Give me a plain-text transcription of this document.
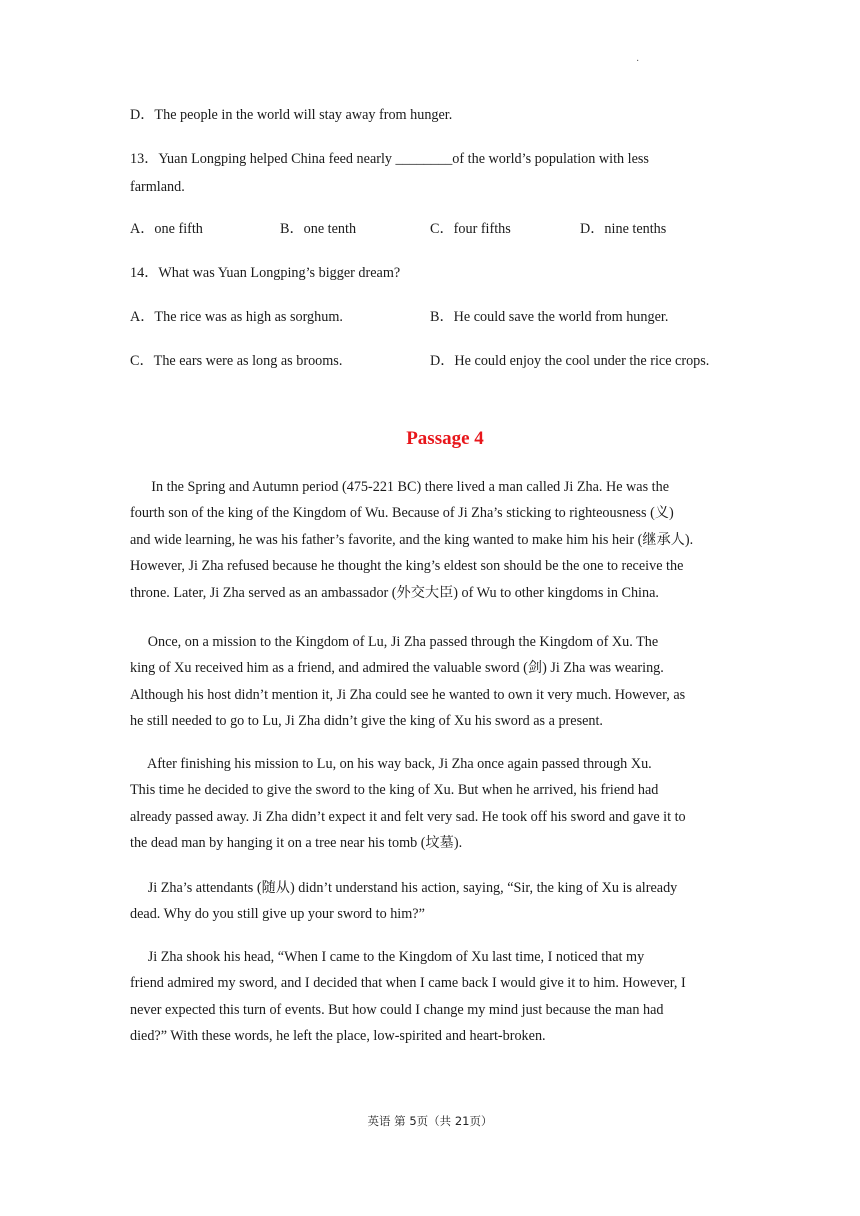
·
D．The people in the world will stay away from hunger.
13．Yuan Longping helped China feed nearly ________of the world’s population with less
farmland.
A．one fifth	B．one tenth	C．four fifths	D．nine tenths
14．What was Yuan Longping’s bigger dream?
A．The rice was as high as sorghum.	B．He could save the world from hunger.
C．The ears were as long as brooms.	D．He could enjoy the cool under the rice crops.
Passage 4

In the Spring and Autumn period (475-221 BC) there lived a man called Ji Zha. He was the

fourth son of the king of the Kingdom of Wu. Because of Ji Zha’s sticking to righteousness (义)

and wide learning, he was his father’s favorite, and the king wanted to make him his heir (继承人).

However, Ji Zha refused because he thought the king’s eldest son should be the one to receive the

throne. Later, Ji Zha served as an ambassador (外交大臣) of Wu to other kingdoms in China.

Once, on a mission to the Kingdom of Lu, Ji Zha passed through the Kingdom of Xu. The

king of Xu received him as a friend, and admired the valuable sword (剑) Ji Zha was wearing.

Although his host didn’t mention it, Ji Zha could see he wanted to own it very much. However, as

he still needed to go to Lu, Ji Zha didn’t give the king of Xu his sword as a present.

After finishing his mission to Lu, on his way back, Ji Zha once again passed through Xu.

This time he decided to give the sword to the king of Xu. But when he arrived, his friend had

already passed away. Ji Zha didn’t expect it and felt very sad. He took off his sword and gave it to

the dead man by hanging it on a tree near his tomb (坟墓).

Ji Zha’s attendants (随从) didn’t understand his action, saying, “Sir, the king of Xu is already

dead. Why do you still give up your sword to him?”

Ji Zha shook his head, “When I came to the Kingdom of Xu last time, I noticed that my

friend admired my sword, and I decided that when I came back I would give it to him. However, I

never expected this turn of events. But how could I change my mind just because the man had

died?” With these words, he left the place, low-spirited and heart-broken.

英语 第 5页（共 21页）
